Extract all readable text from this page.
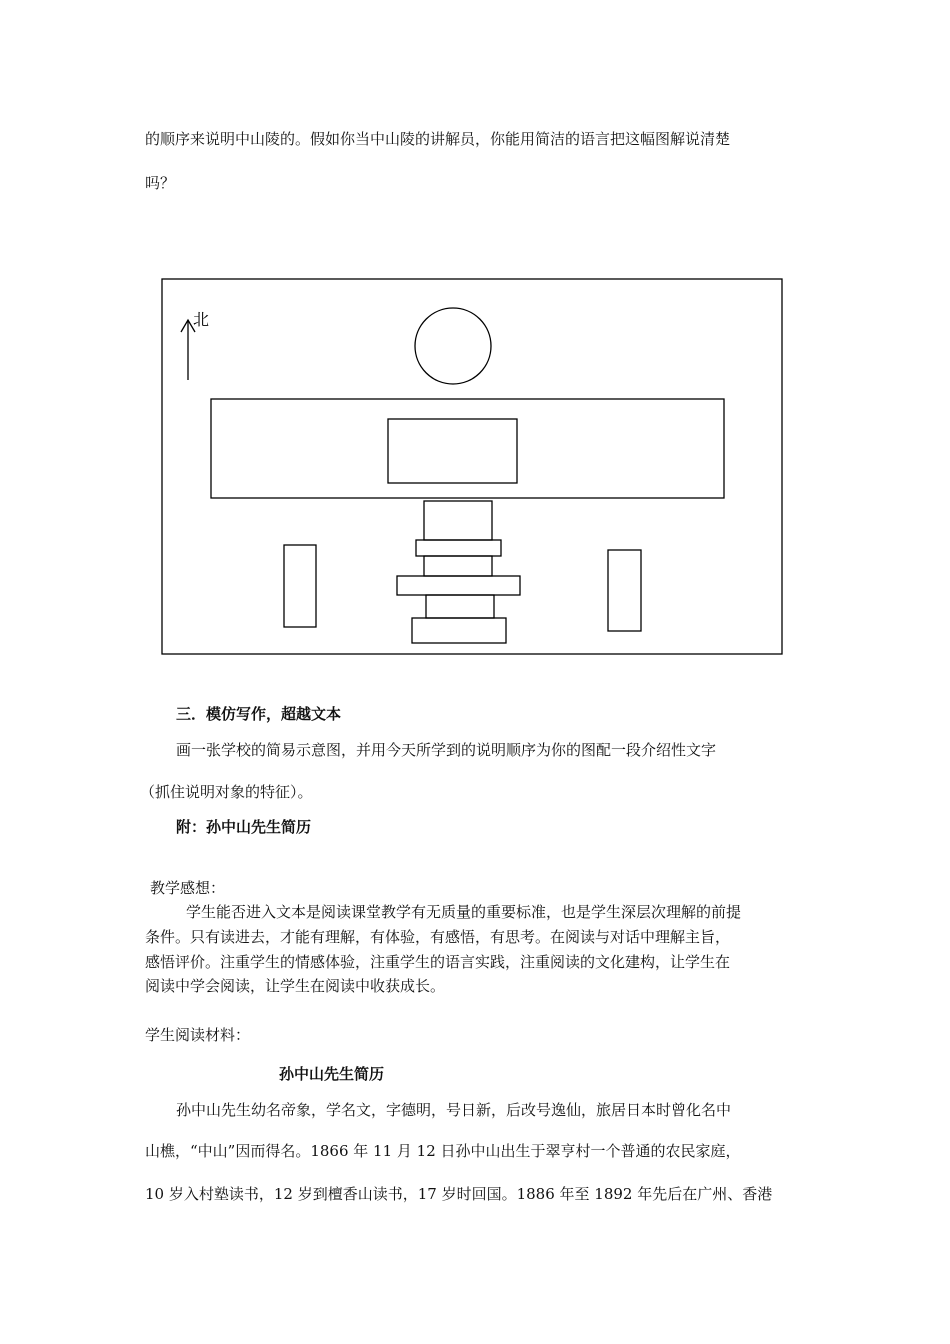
的顺序来说明中山陵的。假如你当中山陵的讲解员，你能用简洁的语言把这幅图解说清楚
吗？
北
三．模仿写作，超越文本
画一张学校的简易示意图，并用今天所学到的说明顺序为你的图配一段介绍性文字
（抓住说明对象的特征）。
附：孙中山先生简历
教学感想：
学生能否进入文本是阅读课堂教学有无质量的重要标准，也是学生深层次理解的前提
条件。只有读进去，才能有理解，有体验，有感悟，有思考。在阅读与对话中理解主旨，
感悟评价。注重学生的情感体验，注重学生的语言实践，注重阅读的文化建构，让学生在
阅读中学会阅读，让学生在阅读中收获成长。
学生阅读材料：
孙中山先生简历
孙中山先生幼名帝象，学名文，字德明，号日新，后改号逸仙，旅居日本时曾化名中
山樵，“中山”因而得名。1866 年 11 月 12 日孙中山出生于翠亨村一个普通的农民家庭，
10 岁入村塾读书，12 岁到檀香山读书，17 岁时回国。1886 年至 1892 年先后在广州、香港
